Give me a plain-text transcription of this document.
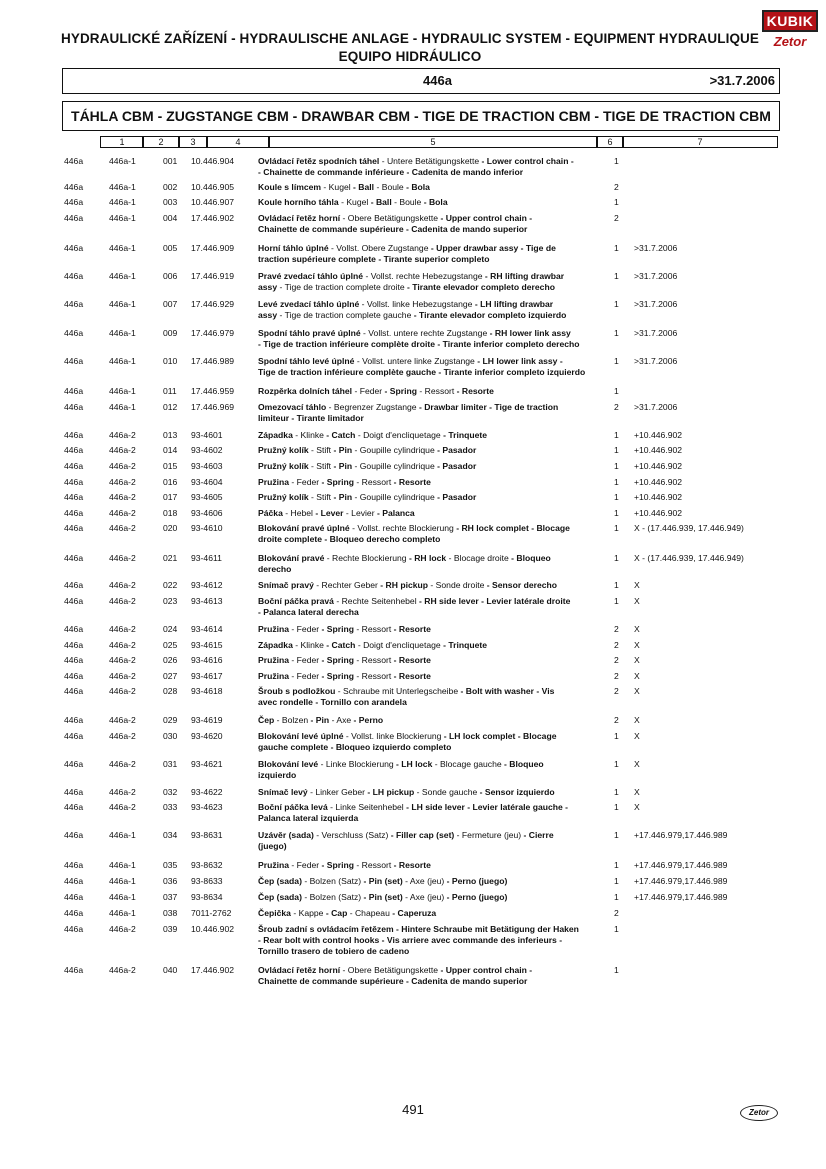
HYDRAULICKÉ ZAŘÍZENÍ - HYDRAULISCHE ANLAGE - HYDRAULIC SYSTEM - EQUIPMENT HYDRAULIQUE
EQUIPO HIDRÁULICO
KUBIK
Zetor
446a	>31.7.2006
TÁHLA CBM - ZUGSTANGE CBM - DRAWBAR CBM - TIGE DE TRACTION CBM - TIGE DE TRACTION CBM
1	2	3	4	5	6	7
446a	446a-1	001 10.446.904	Ovládací řetěz spodních táhel - Untere Betätigungskette - Lower control chain -
- Chainette de commande inférieure - Cadenita de mando inferior
1
446a	446a-1	002 10.446.905	Koule s límcem - Kugel - Ball - Boule - Bola	2
446a	446a-1	003 10.446.907	Koule horního táhla - Kugel - Ball - Boule - Bola	1
446a	446a-1	004 17.446.902	Ovládací řetěz horní - Obere Betätigungskette - Upper control chain -
Chainette de commande supérieure - Cadenita de mando superior
2
446a	446a-1	005 17.446.909	Horní táhlo úplné - Vollst. Obere Zugstange - Upper drawbar assy - Tige de
traction supérieure complete - Tirante superior completo
1 >31.7.2006
446a	446a-1	006 17.446.919	Pravé zvedací táhlo úplné - Vollst. rechte Hebezugstange - RH lifting drawbar
assy - Tige de traction complete droite - Tirante elevador completo derecho
1 >31.7.2006
446a	446a-1	007 17.446.929	Levé zvedací táhlo úplné - Vollst. linke Hebezugstange - LH lifting drawbar
assy - Tige de traction complete gauche - Tirante elevador completo izquierdo
1 >31.7.2006
446a	446a-1	009 17.446.979	Spodní táhlo pravé úplné - Vollst. untere rechte Zugstange - RH lower link assy
- Tige de traction inférieure complète droite - Tirante inferior completo derecho
1 >31.7.2006
446a	446a-1	010 17.446.989	Spodní táhlo levé úplné - Vollst. untere linke Zugstange - LH lower link assy -
Tige de traction inférieure complète gauche - Tirante inferior completo izquierdo
1 >31.7.2006
446a	446a-1	011 17.446.959	Rozpěrka dolních táhel - Feder - Spring - Ressort - Resorte	1
446a	446a-1	012 17.446.969	Omezovací táhlo - Begrenzer Zugstange - Drawbar limiter - Tige de traction
limiteur - Tirante limitador
2 >31.7.2006
446a	446a-2	013 93-4601	Západka - Klinke - Catch - Doigt d'encliquetage - Trinquete	1 +10.446.902
446a	446a-2	014 93-4602	Pružný kolík - Stift - Pin - Goupille cylindrique - Pasador	1 +10.446.902
446a	446a-2	015 93-4603	Pružný kolík - Stift - Pin - Goupille cylindrique - Pasador	1 +10.446.902
446a	446a-2	016 93-4604	Pružina - Feder - Spring - Ressort - Resorte	1 +10.446.902
446a	446a-2	017 93-4605	Pružný kolík - Stift - Pin - Goupille cylindrique - Pasador	1 +10.446.902
446a	446a-2	018 93-4606	Páčka - Hebel - Lever - Levier - Palanca	1 +10.446.902
446a	446a-2	020 93-4610	Blokování pravé úplné - Vollst. rechte Blockierung - RH lock complet - Blocage
droite complete - Bloqueo derecho completo
1 X - (17.446.939, 17.446.949)
446a	446a-2	021 93-4611	Blokování pravé - Rechte Blockierung - RH lock - Blocage droite - Bloqueo
derecho
1 X - (17.446.939, 17.446.949)
446a	446a-2	022 93-4612	Snímač pravý - Rechter Geber - RH pickup - Sonde droite - Sensor derecho	1 X
446a	446a-2	023 93-4613	Boční páčka pravá - Rechte Seitenhebel - RH side lever - Levier latérale droite
- Palanca lateral derecha
1 X
446a	446a-2	024 93-4614	Pružina - Feder - Spring - Ressort - Resorte	2 X
446a	446a-2	025 93-4615	Západka - Klinke - Catch - Doigt d'encliquetage - Trinquete	2 X
446a	446a-2	026 93-4616	Pružina - Feder - Spring - Ressort - Resorte	2 X
446a	446a-2	027 93-4617	Pružina - Feder - Spring - Ressort - Resorte	2 X
446a	446a-2	028 93-4618	Šroub s podložkou - Schraube mit Unterlegscheibe - Bolt with washer - Vis
avec rondelle - Tornillo con arandela
2 X
446a	446a-2	029 93-4619	Čep - Bolzen - Pin - Axe - Perno	2 X
446a	446a-2	030 93-4620	Blokování levé úplné - Vollst. linke Blockierung - LH lock complet - Blocage
gauche complete - Bloqueo izquierdo completo
1 X
446a	446a-2	031 93-4621	Blokování levé - Linke Blockierung - LH lock - Blocage gauche - Bloqueo
izquierdo
1 X
446a	446a-2	032 93-4622	Snímač levý - Linker Geber - LH pickup - Sonde gauche - Sensor izquierdo	1 X
446a	446a-2	033 93-4623	Boční páčka levá - Linke Seitenhebel - LH side lever - Levier latérale gauche -
Palanca lateral izquierda
1 X
446a	446a-1	034 93-8631	Uzávěr (sada) - Verschluss (Satz) - Filler cap (set) - Fermeture (jeu) - Cierre
(juego)
1 +17.446.979,17.446.989
446a	446a-1	035 93-8632	Pružina - Feder - Spring - Ressort - Resorte	1 +17.446.979,17.446.989
446a	446a-1	036 93-8633	Čep (sada) - Bolzen (Satz) - Pin (set) - Axe (jeu) - Perno (juego)	1 +17.446.979,17.446.989
446a	446a-1	037 93-8634	Čep (sada) - Bolzen (Satz) - Pin (set) - Axe (jeu) - Perno (juego)	1 +17.446.979,17.446.989
446a	446a-1	038 7011-2762	Čepička - Kappe - Cap - Chapeau - Caperuza	2
446a	446a-2	039 10.446.902	Šroub zadní s ovládacím řetězem - Hintere Schraube mit Betätigung der Haken
- Rear bolt with control hooks - Vis arriere avec commande des inferieurs -
Tornillo trasero de tobiero de cadeno
1
446a	446a-2	040 17.446.902	Ovládací řetěz horní - Obere Betätigungskette - Upper control chain -
Chainette de commande supérieure - Cadenita de mando superior
1
491	Zetor
